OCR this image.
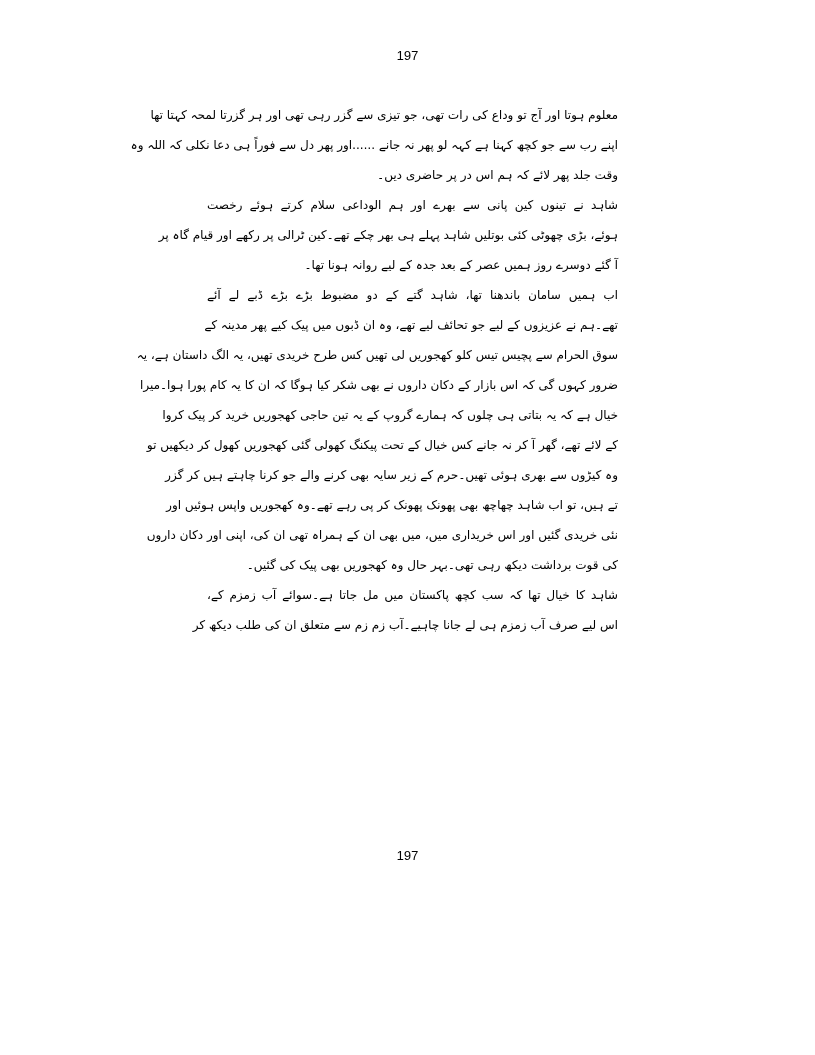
197
معلوم ہوتا اور آج تو وداع کی رات تھی، جو تیزی سے گزر رہی تھی اور ہر گزرتا لمحہ کہتا تھا
اپنے رب سے جو کچھ کہنا ہے کہہ لو پھر نہ جانے ......اور پھر دل سے فوراً ہی دعا نکلی کہ اللہ وہ
وقت جلد پھر لائے کہ ہم اس در پر حاضری دیں۔
شاہد نے تینوں کین پانی سے بھرے اور ہم الوداعی سلام کرتے ہوئے رخصت
ہوئے، بڑی چھوٹی کئی بوتلیں شاہد پہلے ہی بھر چکے تھے۔کین ٹرالی پر رکھے اور قیام گاہ پر
آ گئے دوسرے روز ہمیں عصر کے بعد جدہ کے لیے روانہ ہونا تھا۔
اب ہمیں سامان باندھنا تھا، شاہد گتے کے دو مضبوط بڑے بڑے ڈبے لے آئے
تھے۔ہم نے عزیزوں کے لیے جو تحائف لیے تھے، وہ ان ڈبوں میں پیک کیے پھر مدینہ کے
سوق الحرام سے پچیس تیس کلو کھجوریں لی تھیں کس طرح خریدی تھیں، یہ الگ داستان ہے، یہ
ضرور کہوں گی کہ اس بازار کے دکان داروں نے بھی شکر کیا ہوگا کہ ان کا یہ کام پورا ہوا۔میرا
خیال ہے کہ یہ بتاتی ہی چلوں کہ ہمارے گروپ کے یہ تین حاجی کھجوریں خرید کر پیک کروا
کے لائے تھے، گھر آ کر نہ جانے کس خیال کے تحت پیکنگ کھولی گئی کھجوریں کھول کر دیکھیں تو
وہ کیڑوں سے بھری ہوئی تھیں۔حرم کے زیر سایہ بھی کرنے والے جو کرنا چاہتے ہیں کر گزر
تے ہیں، تو اب شاہد چھاچھ بھی پھونک پھونک کر پی رہے تھے۔وہ کھجوریں واپس ہوئیں اور
نئی خریدی گئیں اور اس خریداری میں، میں بھی ان کے ہمراہ تھی ان کی، اپنی اور دکان داروں
کی قوت برداشت دیکھ رہی تھی۔بہر حال وہ کھجوریں بھی پیک کی گئیں۔
شاہد کا خیال تھا کہ سب کچھ پاکستان میں مل جاتا ہے۔سوائے آب زمزم کے،
اس لیے صرف آب زمزم ہی لے جانا چاہیے۔آب زم زم سے متعلق ان کی طلب دیکھ کر
197
